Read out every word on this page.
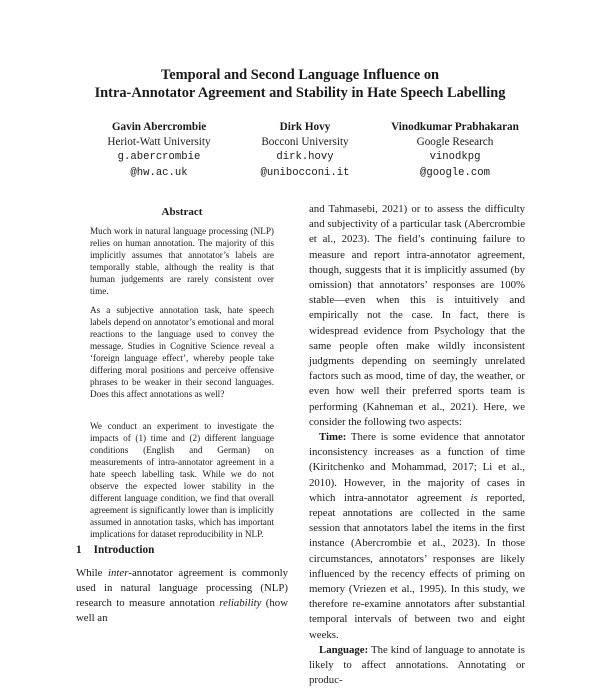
Temporal and Second Language Influence on
Intra-Annotator Agreement and Stability in Hate Speech Labelling
Gavin Abercrombie
Heriot-Watt University
g.abercrombie
@hw.ac.uk
Dirk Hovy
Bocconi University
dirk.hovy
@unibocconi.it
Vinodkumar Prabhakaran
Google Research
vinodkpg
@google.com
Abstract

Much work in natural language processing (NLP) relies on human annotation. The majority of this implicitly assumes that annotator’s labels are temporally stable, although the reality is that human judgements are rarely consistent over time.

As a subjective annotation task, hate speech labels depend on annotator’s emotional and moral reactions to the language used to convey the message. Studies in Cognitive Science reveal a ‘foreign language effect’, whereby people take differing moral positions and perceive offensive phrases to be weaker in their second languages. Does this affect annotations as well?

We conduct an experiment to investigate the impacts of (1) time and (2) different language conditions (English and German) on measurements of intra-annotator agreement in a hate speech labelling task. While we do not observe the expected lower stability in the different language condition, we find that overall agreement is significantly lower than is implicitly assumed in annotation tasks, which has important implications for dataset reproducibility in NLP.

1 Introduction

While inter-annotator agreement is commonly used in natural language processing (NLP) research to measure annotation reliability (how well an

and Tahmasebi, 2021) or to assess the difficulty and subjectivity of a particular task (Abercrombie et al., 2023). The field’s continuing failure to measure and report intra-annotator agreement, though, suggests that it is implicitly assumed (by omission) that annotators’ responses are 100% stable—even when this is intuitively and empirically not the case. In fact, there is widespread evidence from Psychology that the same people often make wildly inconsistent judgments depending on seemingly unrelated factors such as mood, time of day, the weather, or even how well their preferred sports team is performing (Kahneman et al., 2021). Here, we consider the following two aspects:

Time: There is some evidence that annotator inconsistency increases as a function of time (Kiritchenko and Mohammad, 2017; Li et al., 2010). However, in the majority of cases in which intra-annotator agreement is reported, repeat annotations are collected in the same session that annotators label the items in the first instance (Abercrombie et al., 2023). In those circumstances, annotators’ responses are likely influenced by the recency effects of priming on memory (Vriezen et al., 1995). In this study, we therefore re-examine annotators after substantial temporal intervals of between two and eight weeks.

Language: The kind of language to annotate is likely to affect annotations. Annotating or produc-
